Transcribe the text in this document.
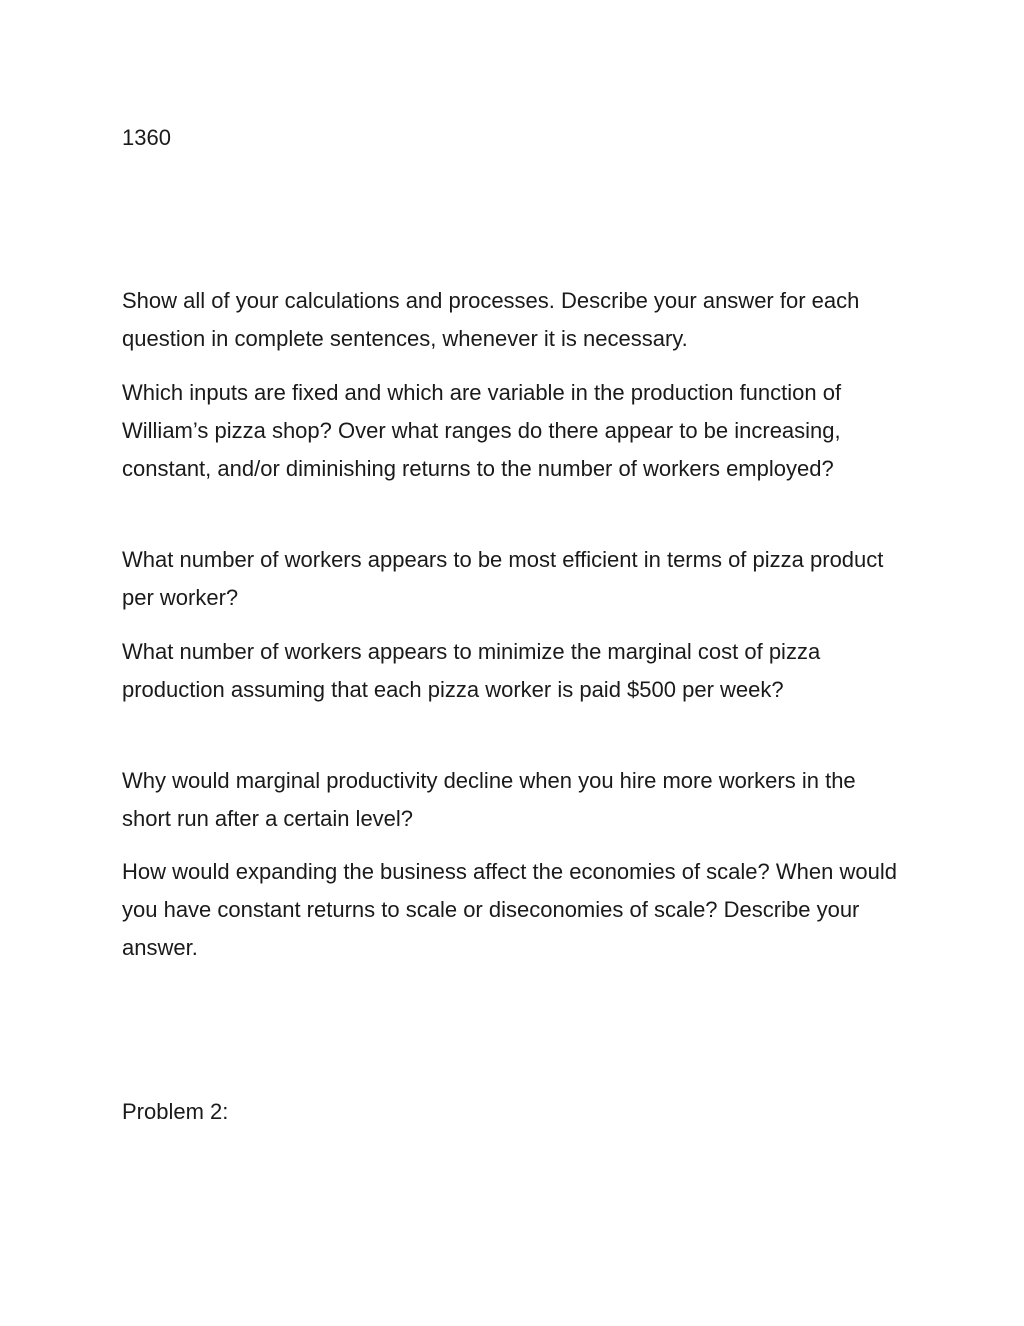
1360

Show all of your calculations and processes. Describe your answer for each question in complete sentences, whenever it is necessary.

Which inputs are fixed and which are variable in the production function of William’s pizza shop? Over what ranges do there appear to be increasing, constant, and/or diminishing returns to the number of workers employed?

What number of workers appears to be most efficient in terms of pizza product per worker?

What number of workers appears to minimize the marginal cost of pizza production assuming that each pizza worker is paid $500 per week?

Why would marginal productivity decline when you hire more workers in the short run after a certain level?

How would expanding the business affect the economies of scale? When would you have constant returns to scale or diseconomies of scale? Describe your answer.

Problem 2:
